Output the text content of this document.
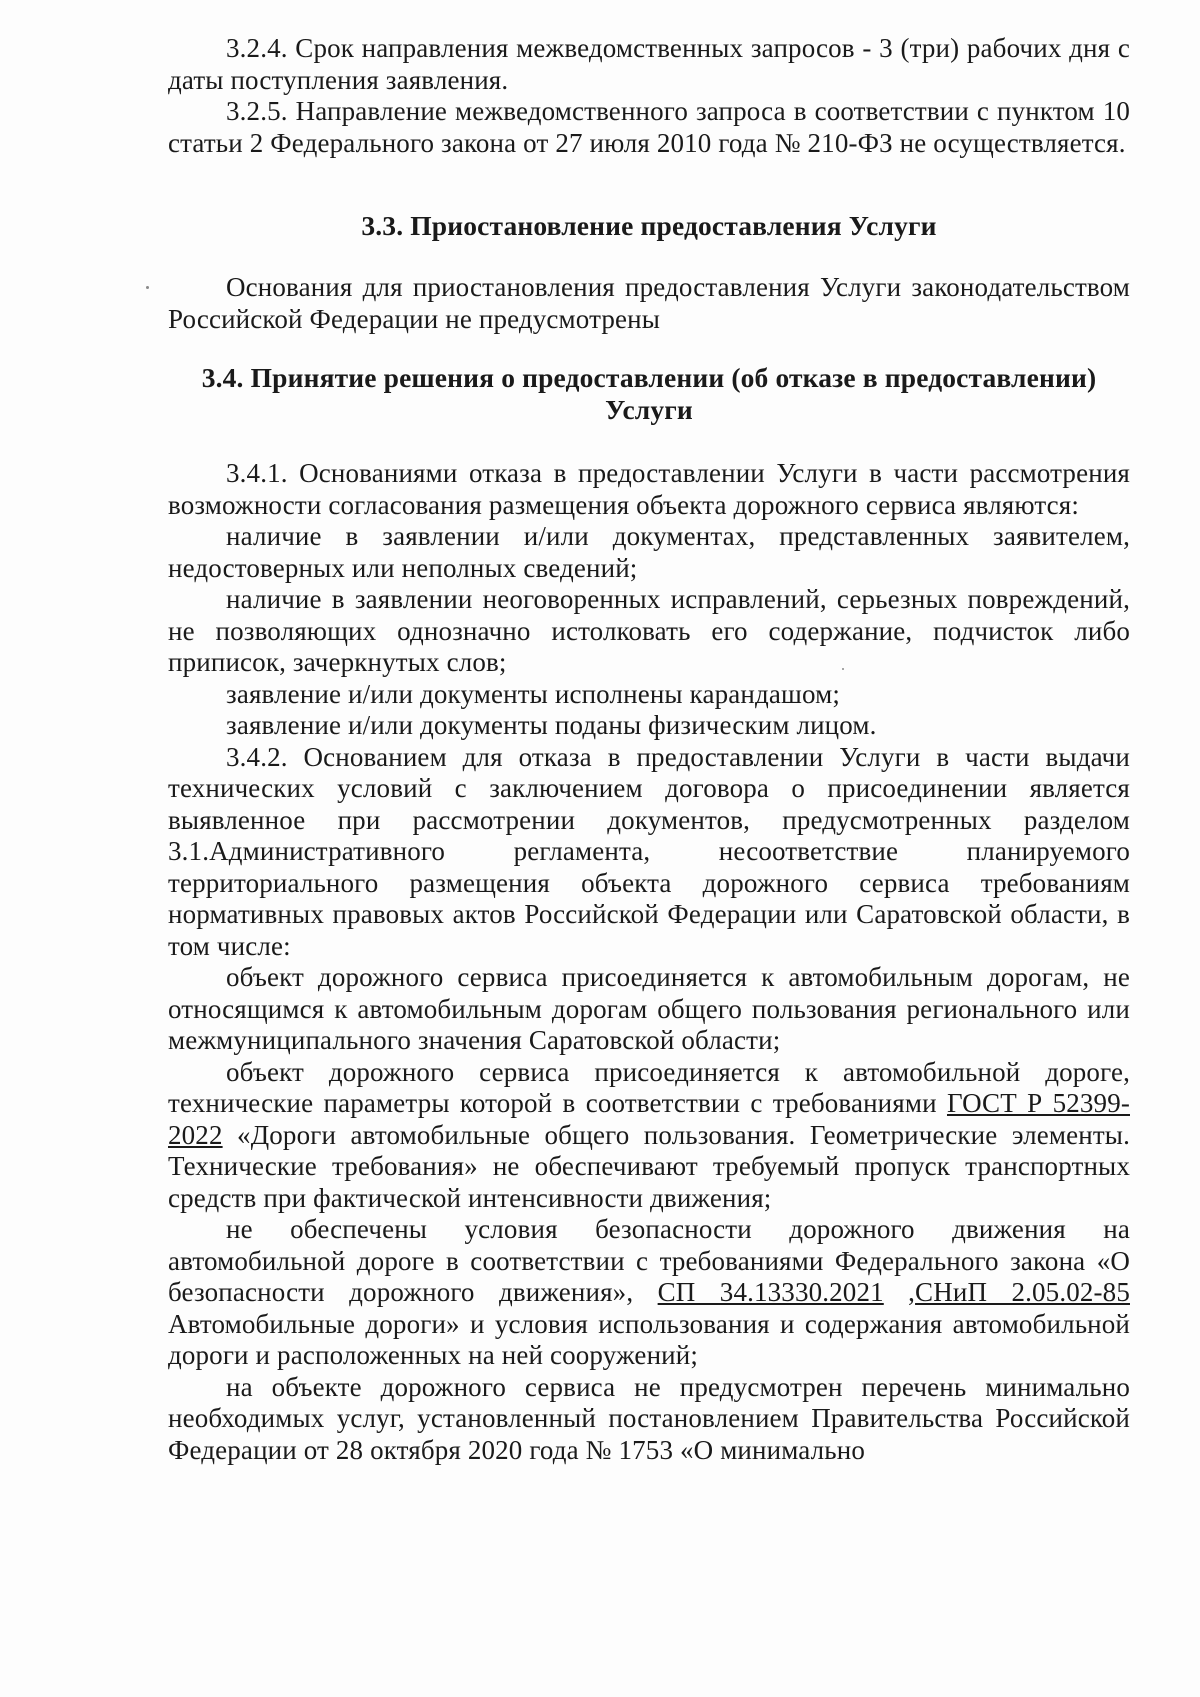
3.2.4. Срок направления межведомственных запросов - 3 (три) рабочих дня с даты поступления заявления.

3.2.5. Направление межведомственного запроса в соответствии с пунктом 10 статьи 2 Федерального закона от 27 июля 2010 года № 210-ФЗ не осуществляется.

3.3. Приостановление предоставления Услуги

Основания для приостановления предоставления Услуги законодательством Российской Федерации не предусмотрены

3.4. Принятие решения о предоставлении (об отказе в предоставлении)

Услуги

3.4.1. Основаниями отказа в предоставлении Услуги в части рассмотрения возможности согласования размещения объекта дорожного сервиса являются:

наличие в заявлении и/или документах, представленных заявителем, недостоверных или неполных сведений;

наличие в заявлении неоговоренных исправлений, серьезных повреждений, не позволяющих однозначно истолковать его содержание, подчисток либо приписок, зачеркнутых слов;

заявление и/или документы исполнены карандашом;

заявление и/или документы поданы физическим лицом.

3.4.2. Основанием для отказа в предоставлении Услуги в части выдачи технических условий с заключением договора о присоединении является выявленное при рассмотрении документов, предусмотренных разделом 3.1.Административного регламента, несоответствие планируемого территориального размещения объекта дорожного сервиса требованиям нормативных правовых актов Российской Федерации или Саратовской области, в том числе:

объект дорожного сервиса присоединяется к автомобильным дорогам, не относящимся к автомобильным дорогам общего пользования регионального или межмуниципального значения Саратовской области;

объект дорожного сервиса присоединяется к автомобильной дороге, технические параметры которой в соответствии с требованиями ГОСТ Р 52399-2022 «Дороги автомобильные общего пользования. Геометрические элементы. Технические требования» не обеспечивают требуемый пропуск транспортных средств при фактической интенсивности движения;

не обеспечены условия безопасности дорожного движения на автомобильной дороге в соответствии с требованиями Федерального закона «О безопасности дорожного движения», СП 34.13330.2021 ,СНиП 2.05.02-85 Автомобильные дороги» и условия использования и содержания автомобильной дороги и расположенных на ней сооружений;

на объекте дорожного сервиса не предусмотрен перечень минимально необходимых услуг, установленный постановлением Правительства Российской Федерации от 28 октября 2020 года № 1753 «О минимально
